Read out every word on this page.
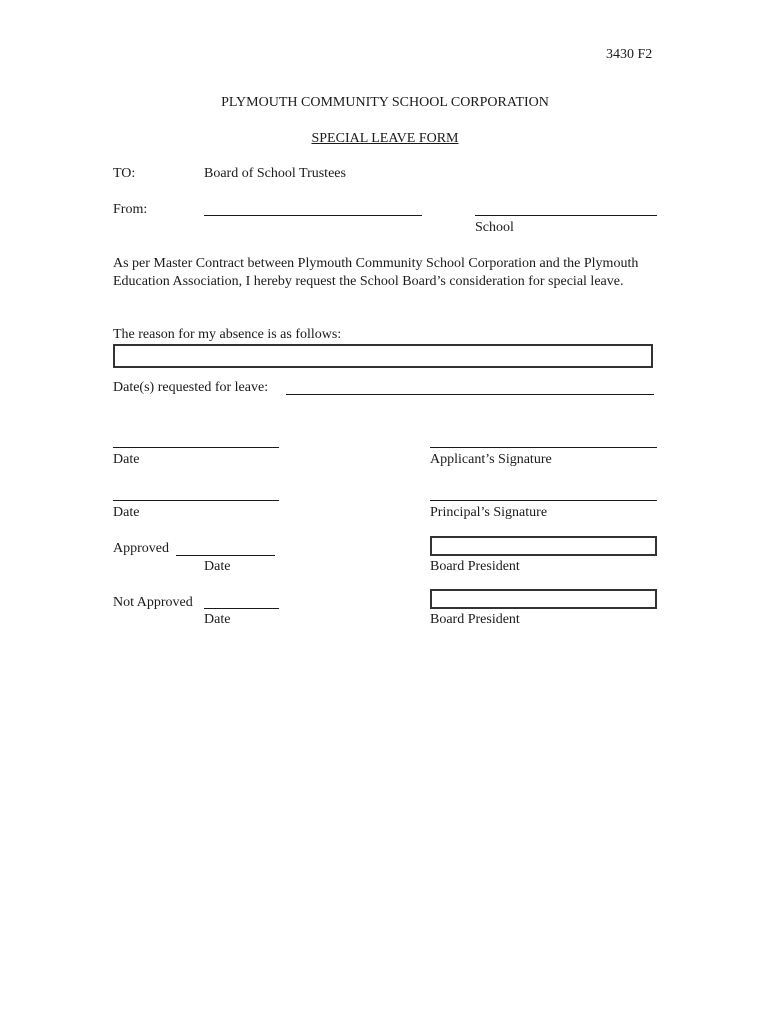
3430 F2
PLYMOUTH COMMUNITY SCHOOL CORPORATION
SPECIAL LEAVE FORM
TO:	Board of School Trustees
From:
School
As per Master Contract between Plymouth Community School Corporation and the Plymouth Education Association, I hereby request the School Board’s consideration for special leave.
The reason for my absence is as follows:
Date(s) requested for leave:
Date	Applicant’s Signature
Date	Principal’s Signature
Approved
Date	Board President
Not Approved
Date	Board President
